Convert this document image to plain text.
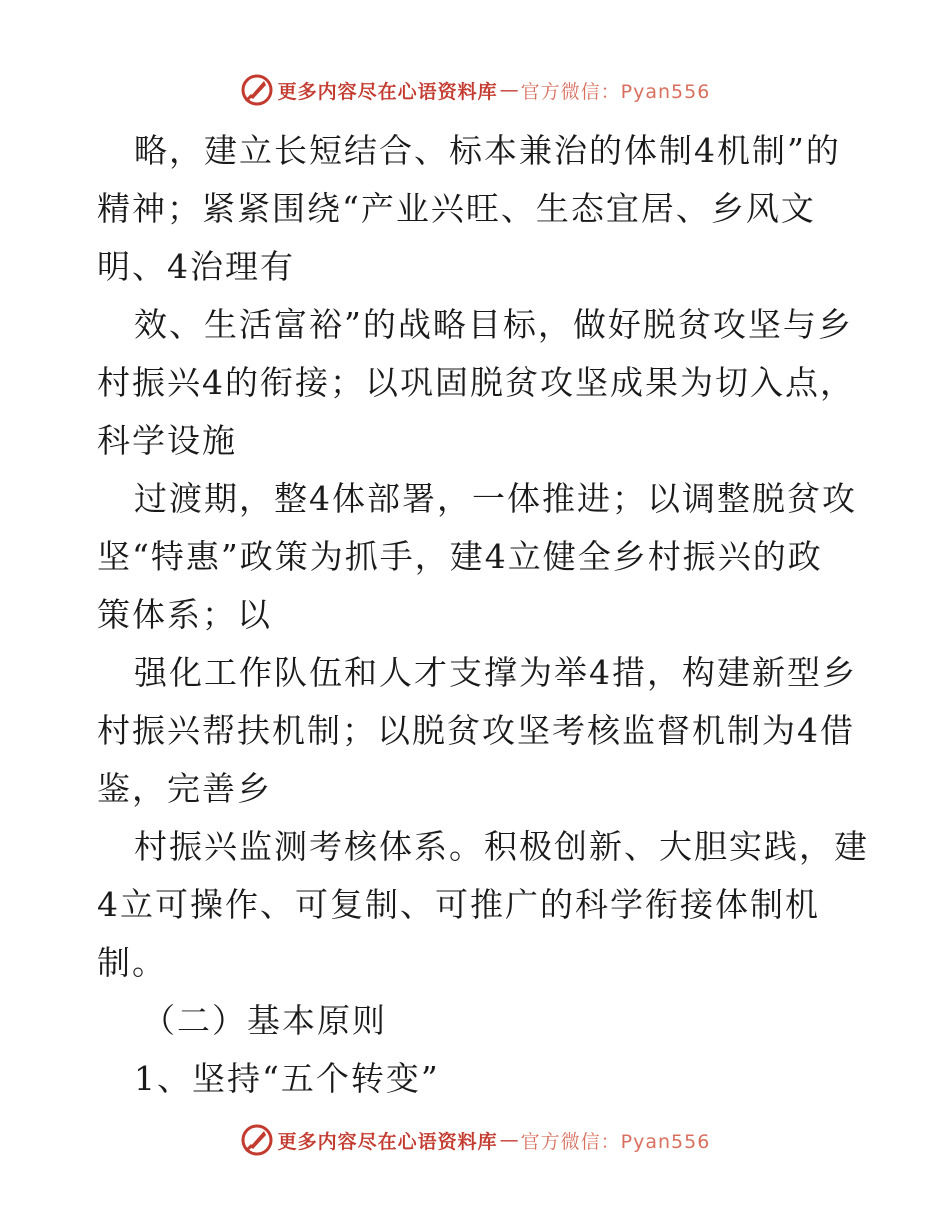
更多内容尽在心语资料库 — 官方微信：Pyan556

略，建立长短结合、标本兼治的体制4机制”的

精神；紧紧围绕“产业兴旺、生态宜居、乡风文

明、4治理有

效、生活富裕”的战略目标，做好脱贫攻坚与乡

村振兴4的衔接；以巩固脱贫攻坚成果为切入点，

科学设施

过渡期，整4体部署，一体推进；以调整脱贫攻

坚“特惠”政策为抓手，建4立健全乡村振兴的政

策体系；以

强化工作队伍和人才支撑为举4措，构建新型乡

村振兴帮扶机制；以脱贫攻坚考核监督机制为4借

鉴，完善乡

村振兴监测考核体系。积极创新、大胆实践，建

4立可操作、可复制、可推广的科学衔接体制机

制。

（二）基本原则

1、坚持“五个转变”

更多内容尽在心语资料库 — 官方微信：Pyan556
